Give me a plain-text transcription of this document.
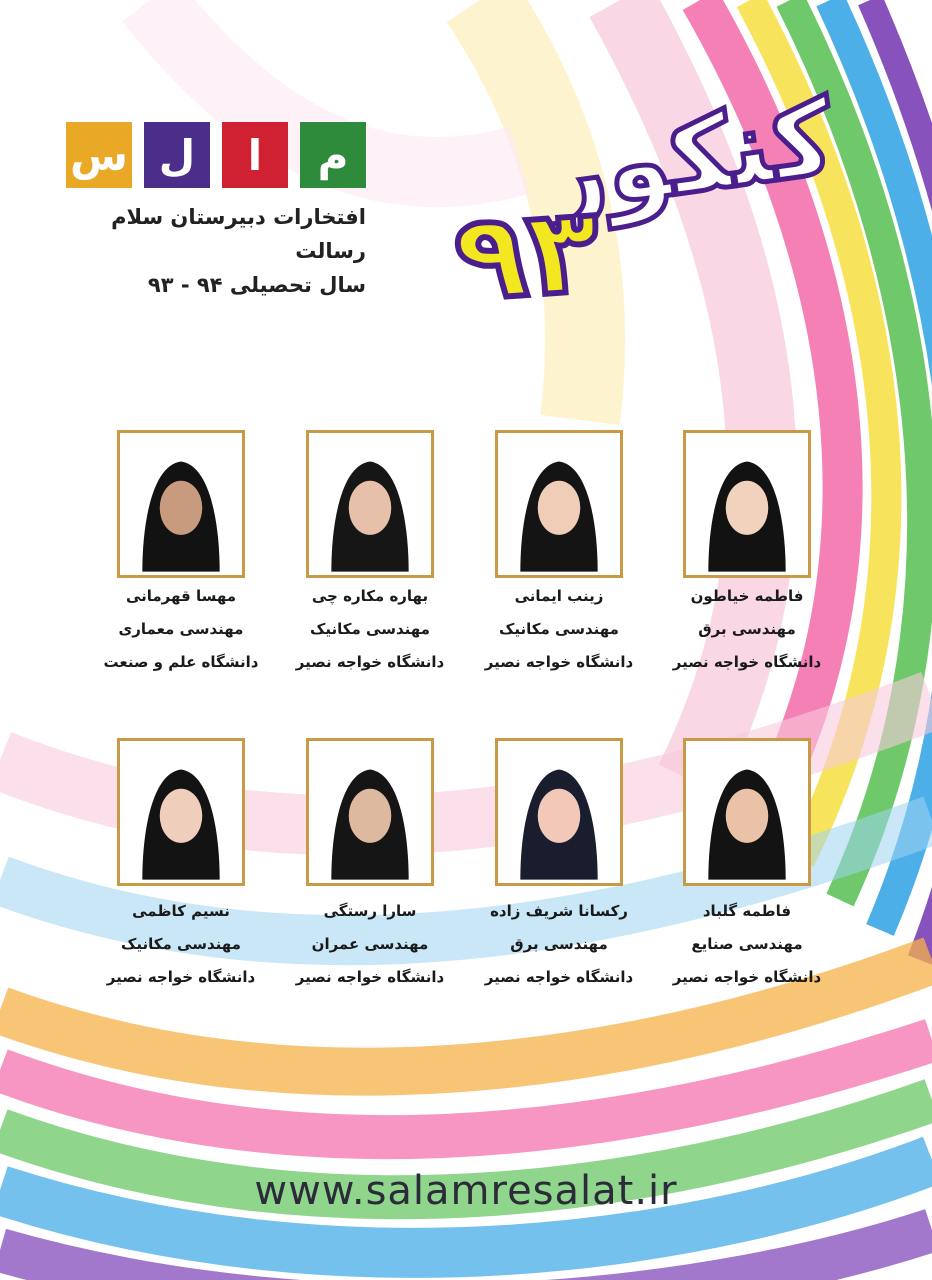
س ل	ا	م
افتخارات دبیرستان سلام رسالت
سال تحصیلی ۹۴ - ۹۳
کنکور
۹۳
فاطمه خیاطون
مهندسی برق
دانشگاه خواجه نصیر
زینب ایمانی
مهندسی مکانیک
دانشگاه خواجه نصیر
بهاره مکاره چی
مهندسی مکانیک
دانشگاه خواجه نصیر
مهسا قهرمانی
مهندسی معماری
دانشگاه علم و صنعت
فاطمه گلباد
مهندسی صنایع
دانشگاه خواجه نصیر
رکسانا شریف زاده
مهندسی برق
دانشگاه خواجه نصیر
سارا رستگی
مهندسی عمران
دانشگاه خواجه نصیر
نسیم کاظمی
مهندسی مکانیک
دانشگاه خواجه نصیر
www.salamresalat.ir
